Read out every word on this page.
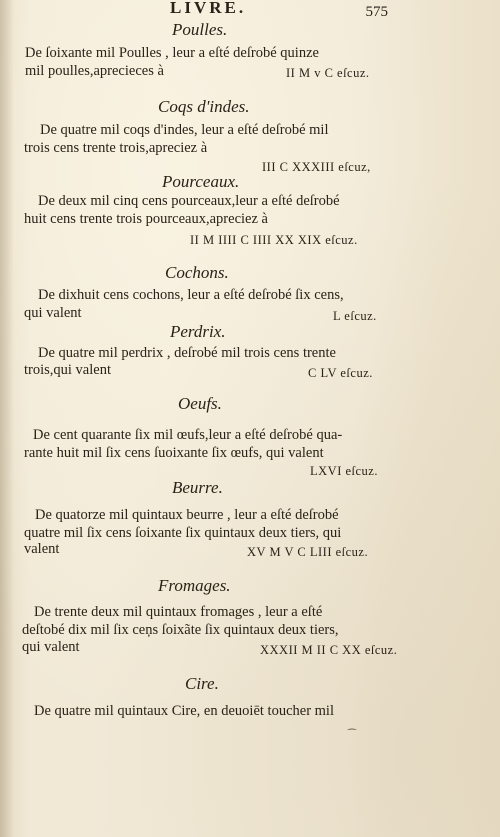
LIVRE.	575
Poulles.
De ſoixante mil Poulles , leur a eſté deſrobé quinze
mil poulles,aprecieces à	II M v C eſcuz.
Coqs d'indes.
De quatre mil coqs d'indes, leur a eſté deſrobé mil
trois cens trente trois,apreciez à
III C XXXIII eſcuz,
Pourceaux.
De deux mil cinq cens pourceaux,leur a eſté deſrobé
huit cens trente trois pourceaux,apreciez à
II M IIII C IIII XX XIX eſcuz.
Cochons.
De dixhuit cens cochons, leur a eſté deſrobé ſix cens,
qui valent	L eſcuz.
Perdrix.
De quatre mil perdrix , deſrobé mil trois cens trente
trois,qui valent	C LV eſcuz.
Oeufs.
De cent quarante ſix mil œufs,leur a eſté deſrobé qua-
rante huit mil ſix cens ſuoixante ſix œufs, qui valent
LXVI eſcuz.
Beurre.
De quatorze mil quintaux beurre , leur a eſté deſrobé
quatre mil ſix cens ſoixante ſix quintaux deux tiers, qui
valent	XV M V C LIII eſcuz.
Fromages.
De trente deux mil quintaux fromages , leur a eſté
deſtobé dix mil ſix ceņs ſoixãte ſix quintaux deux tiers,
qui valent	XXXII M II C XX eſcuz.
Cire.
De quatre mil quintaux Cire, en deuoiēt toucher mil
⁀
